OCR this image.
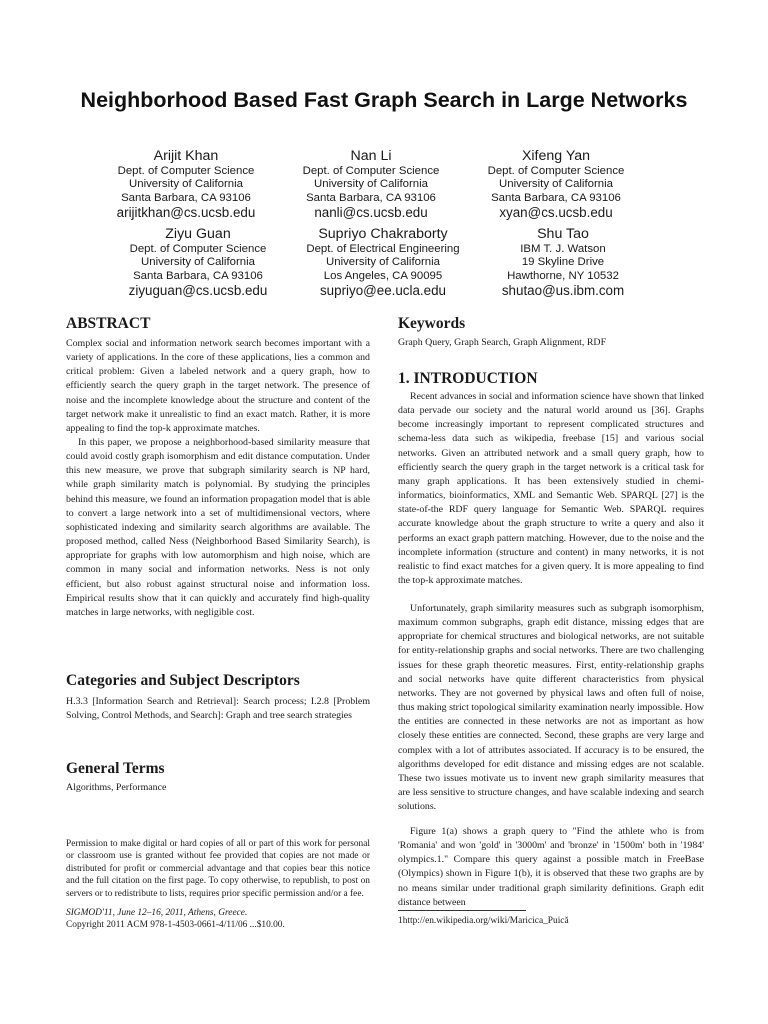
Neighborhood Based Fast Graph Search in Large Networks
Arijit Khan
Dept. of Computer Science
University of California
Santa Barbara, CA 93106
arijitkhan@cs.ucsb.edu
Nan Li
Dept. of Computer Science
University of California
Santa Barbara, CA 93106
nanli@cs.ucsb.edu
Xifeng Yan
Dept. of Computer Science
University of California
Santa Barbara, CA 93106
xyan@cs.ucsb.edu
Ziyu Guan
Dept. of Computer Science
University of California
Santa Barbara, CA 93106
ziyuguan@cs.ucsb.edu
Supriyo Chakraborty
Dept. of Electrical Engineering
University of California
Los Angeles, CA 90095
supriyo@ee.ucla.edu
Shu Tao
IBM T. J. Watson
19 Skyline Drive
Hawthorne, NY 10532
shutao@us.ibm.com
ABSTRACT

Complex social and information network search becomes important with a variety of applications. In the core of these applications, lies a common and critical problem: Given a labeled network and a query graph, how to efficiently search the query graph in the target network. The presence of noise and the incomplete knowledge about the structure and content of the target network make it unrealistic to find an exact match. Rather, it is more appealing to find the top-k approximate matches.

In this paper, we propose a neighborhood-based similarity measure that could avoid costly graph isomorphism and edit distance computation. Under this new measure, we prove that subgraph similarity search is NP hard, while graph similarity match is polynomial. By studying the principles behind this measure, we found an information propagation model that is able to convert a large network into a set of multidimensional vectors, where sophisticated indexing and similarity search algorithms are available. The proposed method, called Ness (Neighborhood Based Similarity Search), is appropriate for graphs with low automorphism and high noise, which are common in many social and information networks. Ness is not only efficient, but also robust against structural noise and information loss. Empirical results show that it can quickly and accurately find high-quality matches in large networks, with negligible cost.

Categories and Subject Descriptors

H.3.3 [Information Search and Retrieval]: Search process; I.2.8 [Problem Solving, Control Methods, and Search]: Graph and tree search strategies

General Terms

Algorithms, Performance

Permission to make digital or hard copies of all or part of this work for personal or classroom use is granted without fee provided that copies are not made or distributed for profit or commercial advantage and that copies bear this notice and the full citation on the first page. To copy otherwise, to republish, to post on servers or to redistribute to lists, requires prior specific permission and/or a fee.

SIGMOD'11, June 12–16, 2011, Athens, Greece.

Copyright 2011 ACM 978-1-4503-0661-4/11/06 ...$10.00.

Keywords

Graph Query, Graph Search, Graph Alignment, RDF

1. INTRODUCTION

Recent advances in social and information science have shown that linked data pervade our society and the natural world around us [36]. Graphs become increasingly important to represent complicated structures and schema-less data such as wikipedia, freebase [15] and various social networks. Given an attributed network and a small query graph, how to efficiently search the query graph in the target network is a critical task for many graph applications. It has been extensively studied in chemi-informatics, bioinformatics, XML and Semantic Web. SPARQL [27] is the state-of-the RDF query language for Semantic Web. SPARQL requires accurate knowledge about the graph structure to write a query and also it performs an exact graph pattern matching. However, due to the noise and the incomplete information (structure and content) in many networks, it is not realistic to find exact matches for a given query. It is more appealing to find the top-k approximate matches.

Unfortunately, graph similarity measures such as subgraph isomorphism, maximum common subgraphs, graph edit distance, missing edges that are appropriate for chemical structures and biological networks, are not suitable for entity-relationship graphs and social networks. There are two challenging issues for these graph theoretic measures. First, entity-relationship graphs and social networks have quite different characteristics from physical networks. They are not governed by physical laws and often full of noise, thus making strict topological similarity examination nearly impossible. How the entities are connected in these networks are not as important as how closely these entities are connected. Second, these graphs are very large and complex with a lot of attributes associated. If accuracy is to be ensured, the algorithms developed for edit distance and missing edges are not scalable. These two issues motivate us to invent new graph similarity measures that are less sensitive to structure changes, and have scalable indexing and search solutions.

Figure 1(a) shows a graph query to "Find the athlete who is from 'Romania' and won 'gold' in '3000m' and 'bronze' in '1500m' both in '1984' olympics.1." Compare this query against a possible match in FreeBase (Olympics) shown in Figure 1(b), it is observed that these two graphs are by no means similar under traditional graph similarity definitions. Graph edit distance between

1http://en.wikipedia.org/wiki/Maricica_Puică
